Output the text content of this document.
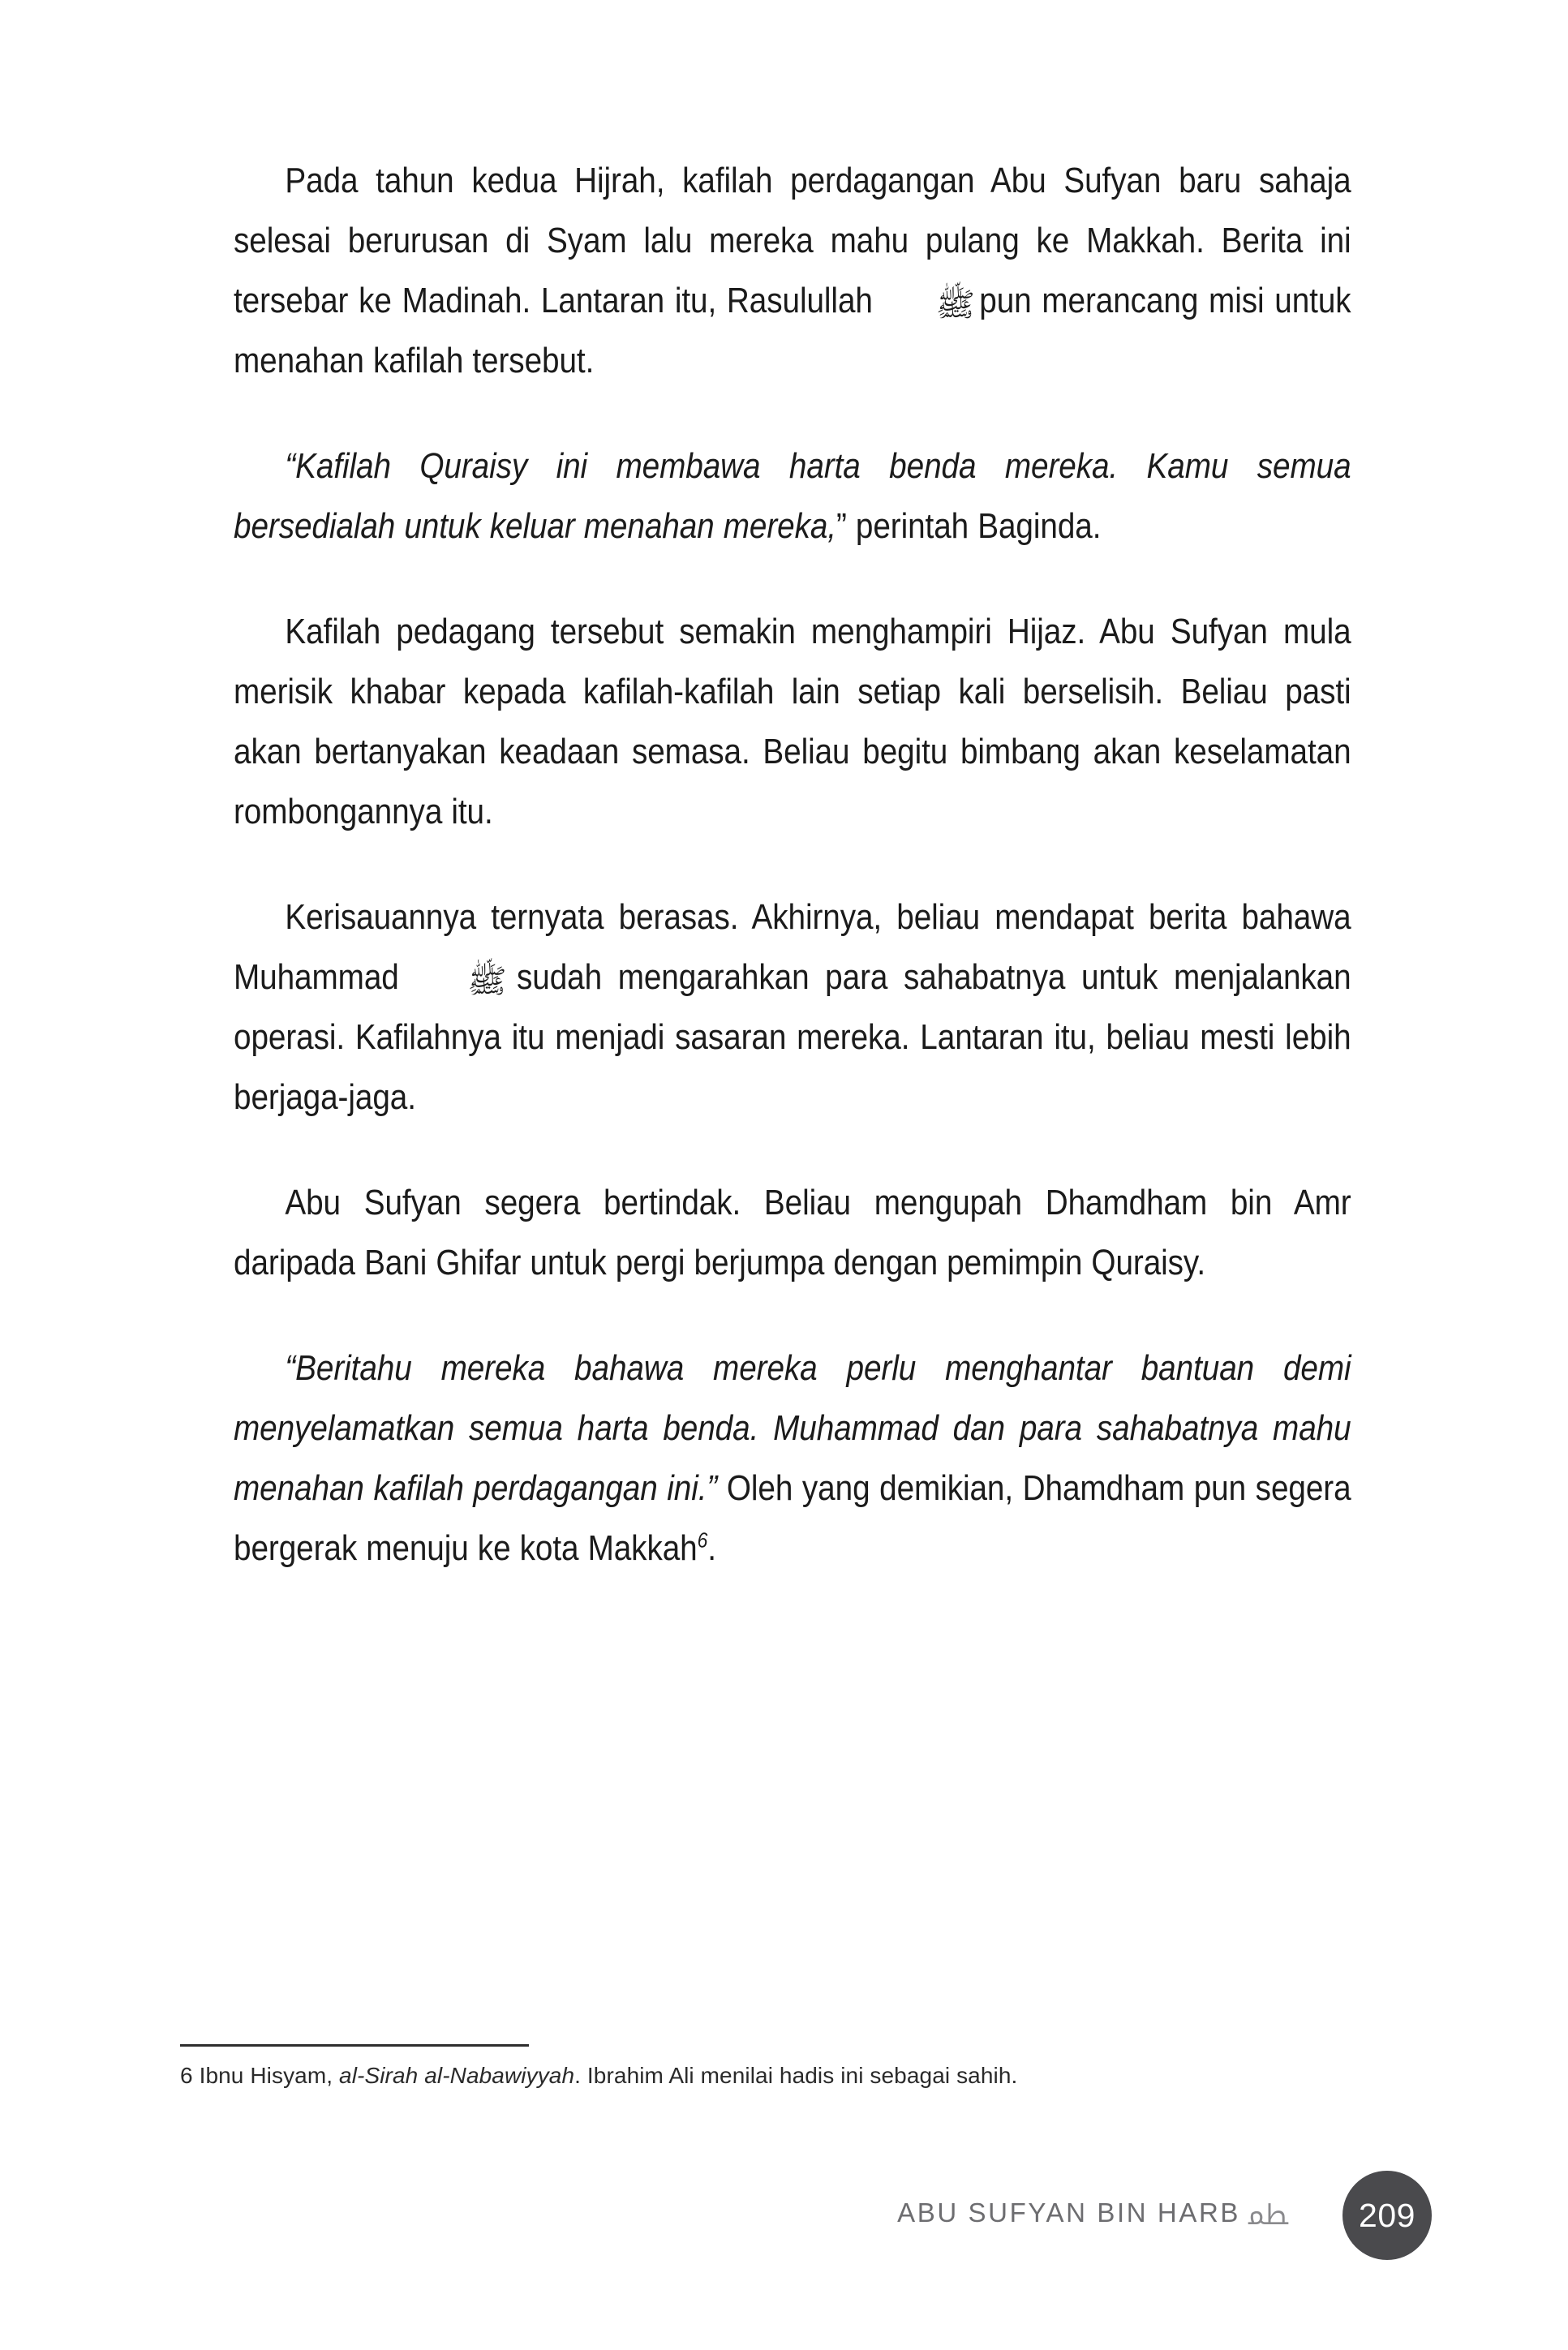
Pada tahun kedua Hijrah, kafilah perdagangan Abu Sufyan baru sahaja selesai berurusan di Syam lalu mereka mahu pulang ke Makkah. Berita ini tersebar ke Madinah. Lantaran itu, Rasulullah ﷺ pun merancang misi untuk menahan kafilah tersebut.

“Kafilah Quraisy ini membawa harta benda mereka. Kamu semua bersedialah untuk keluar menahan mereka,” perintah Baginda.

Kafilah pedagang tersebut semakin menghampiri Hijaz. Abu Sufyan mula merisik khabar kepada kafilah-kafilah lain setiap kali berselisih. Beliau pasti akan bertanyakan keadaan semasa. Beliau begitu bimbang akan keselamatan rombongannya itu.

Kerisauannya ternyata berasas. Akhirnya, beliau mendapat berita bahawa Muhammad ﷺ sudah mengarahkan para sahabatnya untuk menjalankan operasi. Kafilahnya itu menjadi sasaran mereka. Lantaran itu, beliau mesti lebih berjaga-jaga.

Abu Sufyan segera bertindak. Beliau mengupah Dhamdham bin Amr daripada Bani Ghifar untuk pergi berjumpa dengan pemimpin Quraisy.

“Beritahu mereka bahawa mereka perlu menghantar bantuan demi menyelamatkan semua harta benda. Muhammad dan para sahabatnya mahu menahan kafilah perdagangan ini.” Oleh yang demikian, Dhamdham pun segera bergerak menuju ke kota Makkah$^6$.

6 Ibnu Hisyam, al-Sirah al-Nabawiyyah. Ibrahim Ali menilai hadis ini sebagai sahih.
ABU SUFYAN BIN HARB ﴺ 209
